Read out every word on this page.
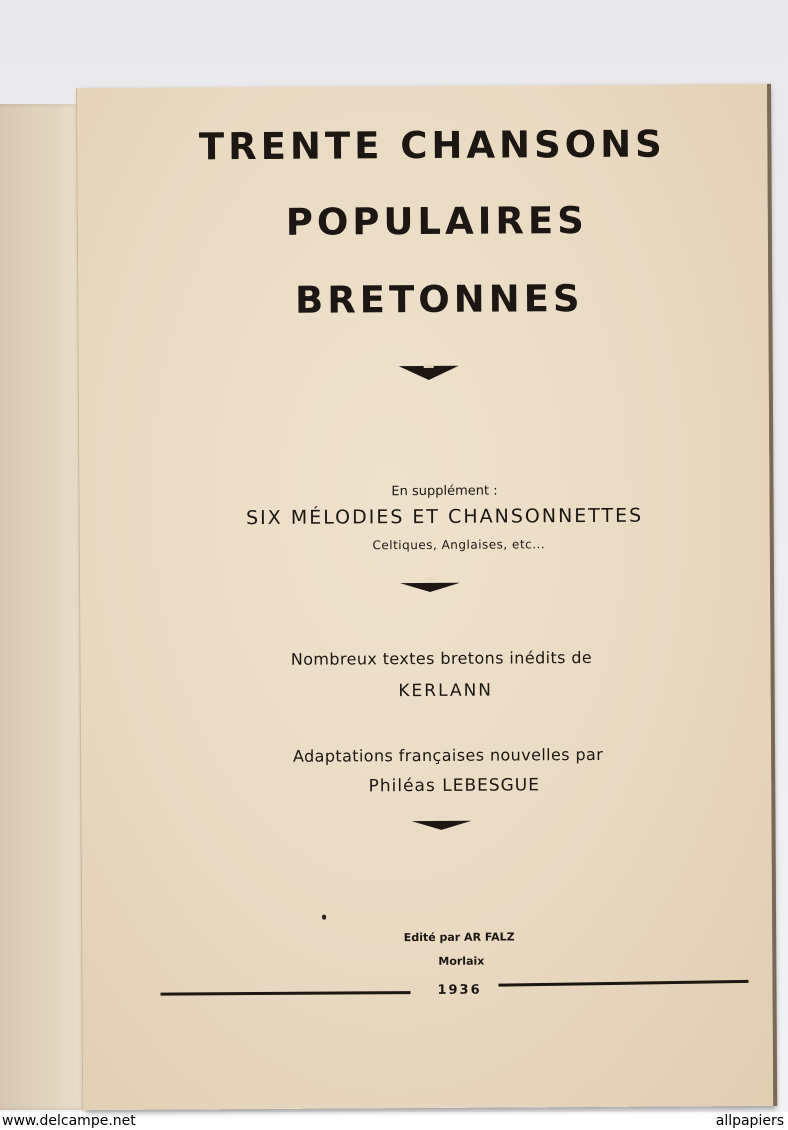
TRENTE CHANSONS
POPULAIRES
BRETONNES
En supplément :
SIX MÉLODIES ET CHANSONNETTES
Celtiques, Anglaises, etc...
Nombreux textes bretons inédits de
KERLANN
Adaptations françaises nouvelles par
Philéas LEBESGUE
Edité par AR FALZ
Morlaix
1936
www.delcampe.net	allpapiers
